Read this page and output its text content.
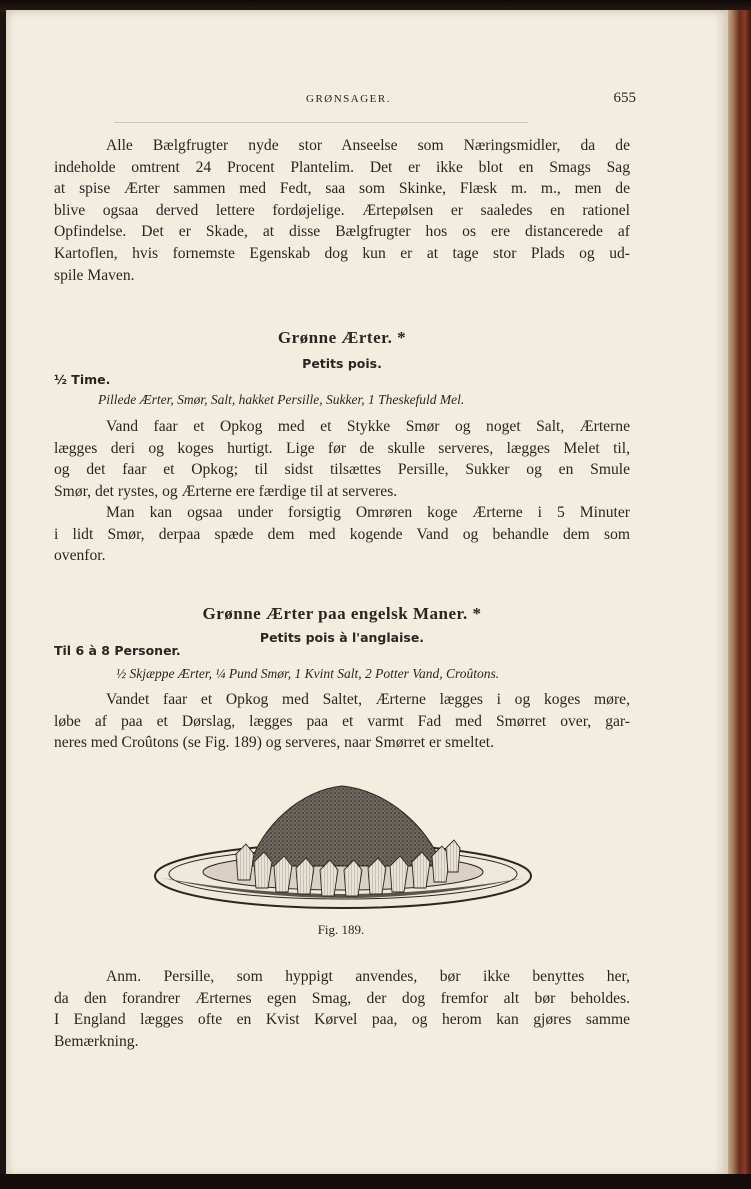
GRØNSAGER.	655
Alle Bælgfrugter nyde stor Anseelse som Næringsmidler, da de
indeholde omtrent 24 Procent Plantelim. Det er ikke blot en Smags Sag
at spise Ærter sammen med Fedt, saa som Skinke, Flæsk m. m., men de
blive ogsaa derved lettere fordøjelige. Ærtepølsen er saaledes en rationel
Opfindelse. Det er Skade, at disse Bælgfrugter hos os ere distancerede af
Kartoflen, hvis fornemste Egenskab dog kun er at tage stor Plads og ud-
spile Maven.
Grønne Ærter. *
Petits pois.
½ Time.
Pillede Ærter, Smør, Salt, hakket Persille, Sukker, 1 Theskefuld Mel.
Vand faar et Opkog med et Stykke Smør og noget Salt, Ærterne
lægges deri og koges hurtigt. Lige før de skulle serveres, lægges Melet til,
og det faar et Opkog; til sidst tilsættes Persille, Sukker og en Smule
Smør, det rystes, og Ærterne ere færdige til at serveres.
Man kan ogsaa under forsigtig Omrøren koge Ærterne i 5 Minuter
i lidt Smør, derpaa spæde dem med kogende Vand og behandle dem som
ovenfor.
Grønne Ærter paa engelsk Maner. *
Petits pois à l'anglaise.
Til 6 à 8 Personer.
½ Skjæppe Ærter, ¼ Pund Smør, 1 Kvint Salt, 2 Potter Vand, Croûtons.
Vandet faar et Opkog med Saltet, Ærterne lægges i og koges møre,
løbe af paa et Dørslag, lægges paa et varmt Fad med Smørret over, gar-
neres med Croûtons (se Fig. 189) og serveres, naar Smørret er smeltet.
Fig. 189.
Anm. Persille, som hyppigt anvendes, bør ikke benyttes her,
da den forandrer Ærternes egen Smag, der dog fremfor alt bør beholdes.
I England lægges ofte en Kvist Kørvel paa, og herom kan gjøres samme
Bemærkning.
